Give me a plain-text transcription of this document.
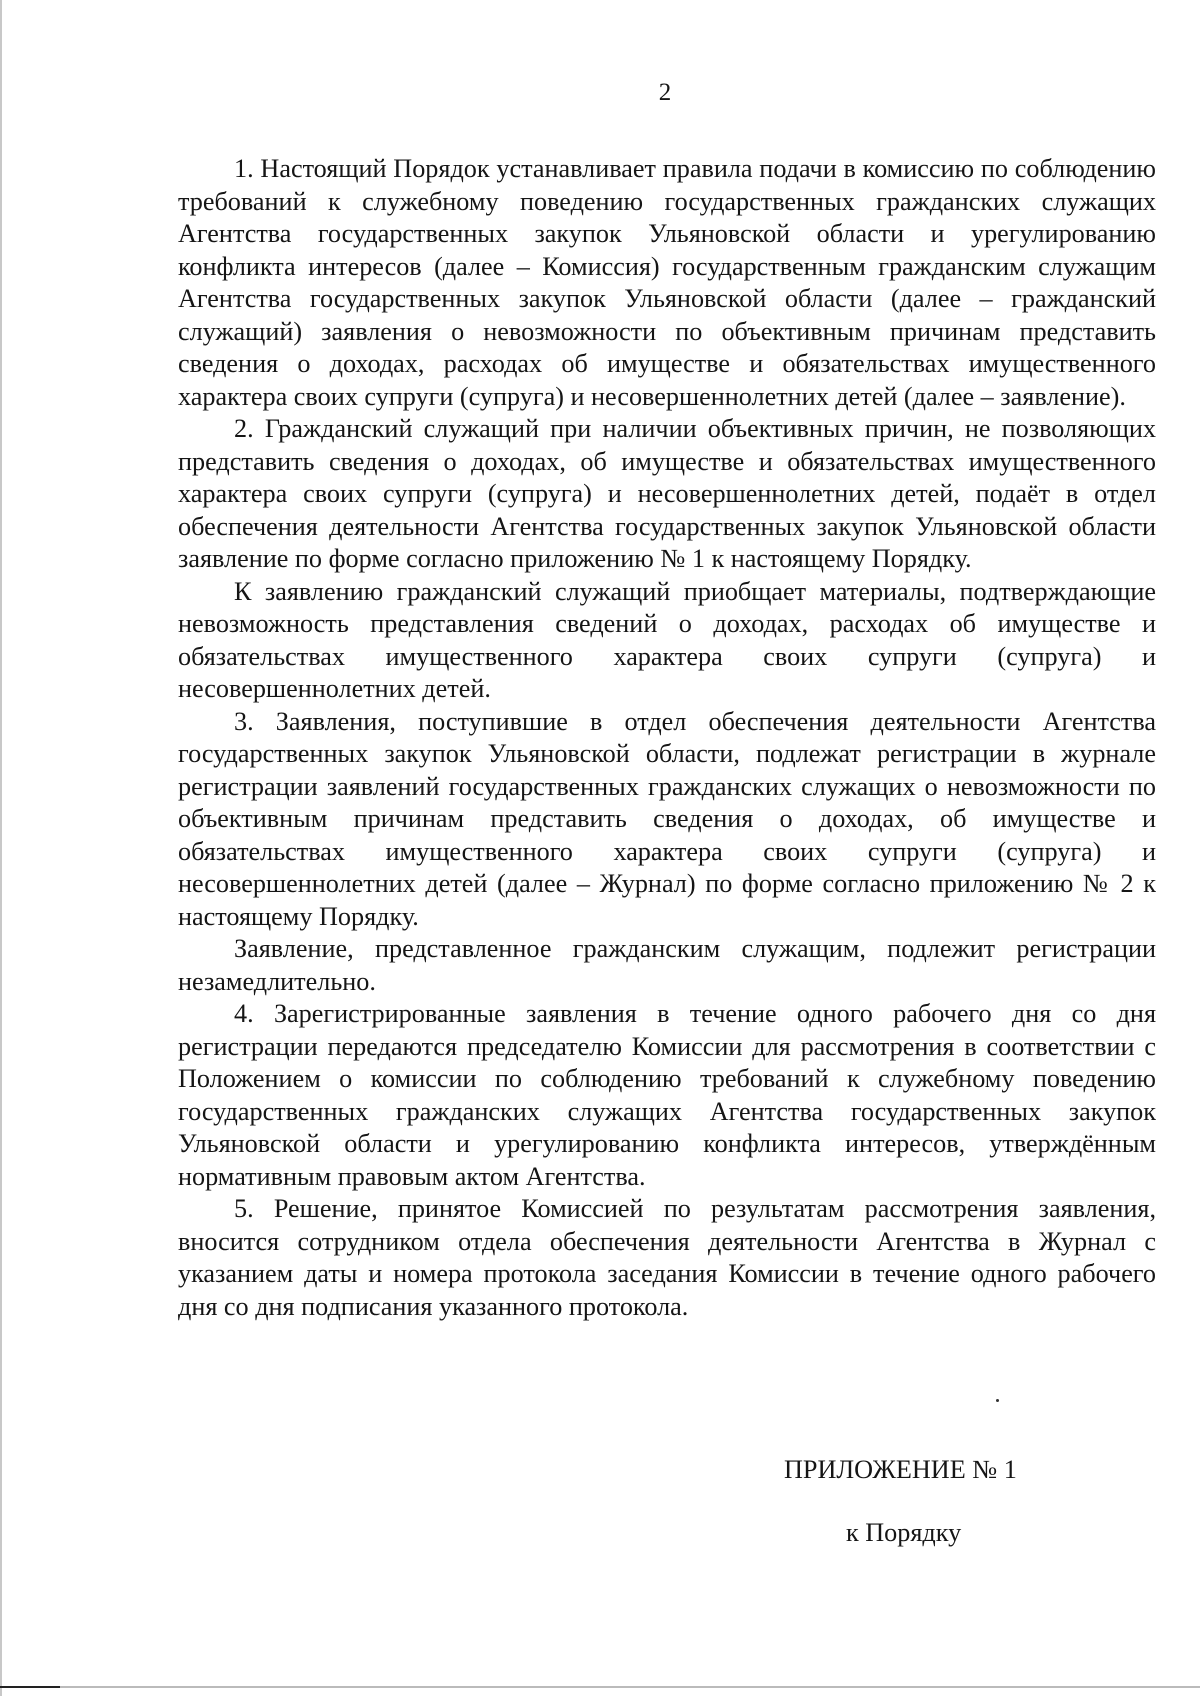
2

1. Настоящий Порядок устанавливает правила подачи в комиссию по соблюдению требований к служебному поведению государственных гражданских служащих Агентства государственных закупок Ульяновской области и урегулированию конфликта интересов (далее – Комиссия) государственным гражданским служащим Агентства государственных закупок Ульяновской области (далее – гражданский служащий) заявления о невозможности по объективным причинам представить сведения о доходах, расходах об имуществе и обязательствах имущественного характера своих супруги (супруга) и несовершеннолетних детей (далее – заявление).

2. Гражданский служащий при наличии объективных причин, не позволяющих представить сведения о доходах, об имуществе и обязательствах имущественного характера своих супруги (супруга) и несовершеннолетних детей, подаёт в отдел обеспечения деятельности Агентства государственных закупок Ульяновской области заявление по форме согласно приложению № 1 к настоящему Порядку.

К заявлению гражданский служащий приобщает материалы, подтверждающие невозможность представления сведений о доходах, расходах об имуществе и обязательствах имущественного характера своих супруги (супруга) и несовершеннолетних детей.

3. Заявления, поступившие в отдел обеспечения деятельности Агентства государственных закупок Ульяновской области, подлежат регистрации в журнале регистрации заявлений государственных гражданских служащих о невозможности по объективным причинам представить сведения о доходах, об имуществе и обязательствах имущественного характера своих супруги (супруга) и несовершеннолетних детей (далее – Журнал) по форме согласно приложению № 2 к настоящему Порядку.

Заявление, представленное гражданским служащим, подлежит регистрации незамедлительно.

4. Зарегистрированные заявления в течение одного рабочего дня со дня регистрации передаются председателю Комиссии для рассмотрения в соответствии с Положением о комиссии по соблюдению требований к служебному поведению государственных гражданских служащих Агентства государственных закупок Ульяновской области и урегулированию конфликта интересов, утверждённым нормативным правовым актом Агентства.

5. Решение, принятое Комиссией по результатам рассмотрения заявления, вносится сотрудником отдела обеспечения деятельности Агентства в Журнал с указанием даты и номера протокола заседания Комиссии в течение одного рабочего дня со дня подписания указанного протокола.

ПРИЛОЖЕНИЕ № 1
к Порядку
